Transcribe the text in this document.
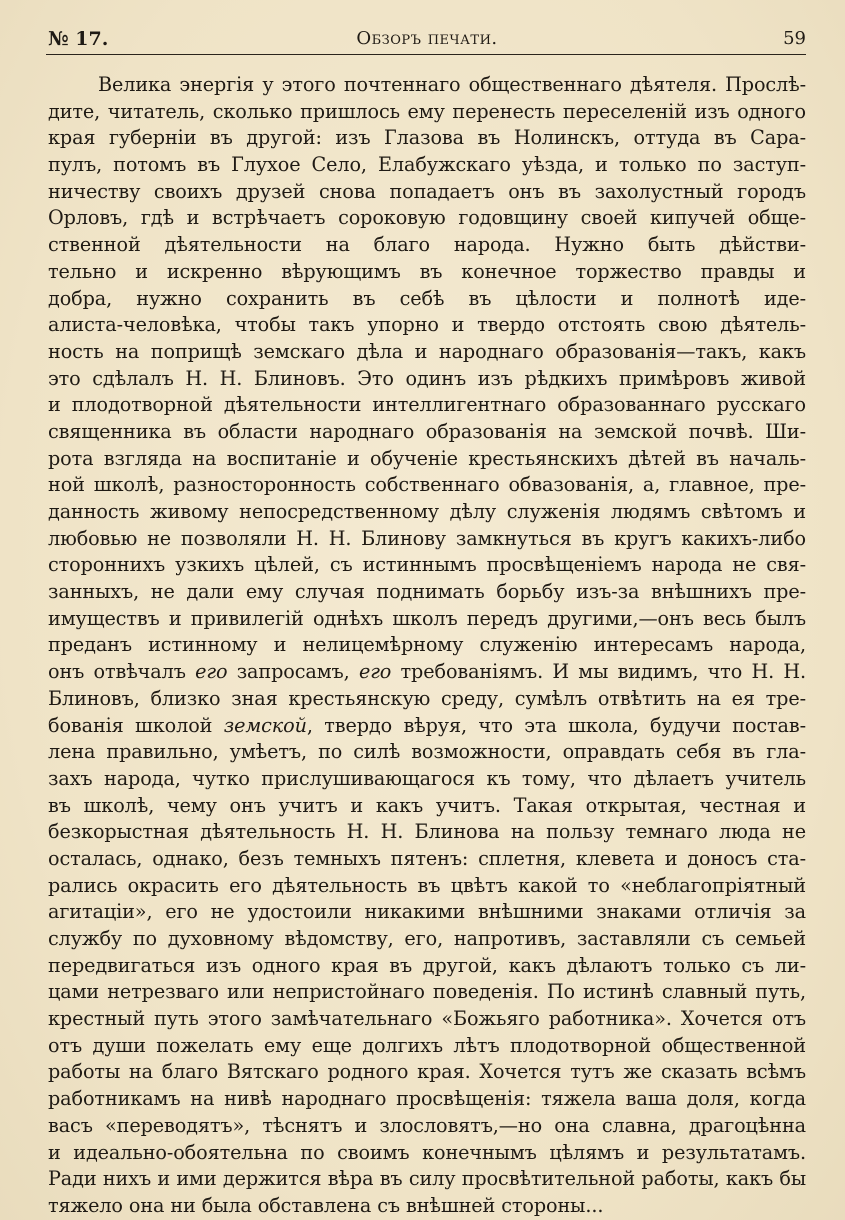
№ 17.	Обзоръ печати.	59
Велика энергія у этого почтеннаго общественнаго дѣятеля. Прослѣ-
дите, читатель, сколько пришлось ему перенесть переселеній изъ одного
края губерніи въ другой: изъ Глазова въ Нолинскъ, оттуда въ Сара-
пулъ, потомъ въ Глухое Село, Елабужскаго уѣзда, и только по заступ-
ничеству своихъ друзей снова попадаетъ онъ въ захолустный городъ
Орловъ, гдѣ и встрѣчаетъ сороковую годовщину своей кипучей обще-
ственной дѣятельности на благо народа. Нужно быть дѣйстви-
тельно и искренно вѣрующимъ въ конечное торжество правды и
добра, нужно сохранить въ себѣ въ цѣлости и полнотѣ иде-
алиста-человѣка, чтобы такъ упорно и твердо отстоять свою дѣятель-
ность на поприщѣ земскаго дѣла и народнаго образованія—такъ, какъ
это сдѣлалъ Н. Н. Блиновъ. Это одинъ изъ рѣдкихъ примѣровъ живой
и плодотворной дѣятельности интеллигентнаго образованнаго русскаго
священника въ области народнаго образованія на земской почвѣ. Ши-
рота взгляда на воспитаніе и обученіе крестьянскихъ дѣтей въ началь-
ной школѣ, разносторонность собственнаго обвазованія, а, главное, пре-
данность живому непосредственному дѣлу служенія людямъ свѣтомъ и
любовью не позволяли Н. Н. Блинову замкнуться въ кругъ какихъ-либо
стороннихъ узкихъ цѣлей, съ истиннымъ просвѣщеніемъ народа не свя-
занныхъ, не дали ему случая поднимать борьбу изъ-за внѣшнихъ пре-
имуществъ и привилегій однѣхъ школъ передъ другими,—онъ весь былъ
преданъ истинному и нелицемѣрному служенію интересамъ народа,
онъ отвѣчалъ его запросамъ, его требованіямъ. И мы видимъ, что Н. Н.
Блиновъ, близко зная крестьянскую среду, сумѣлъ отвѣтить на ея тре-
бованія школой земской, твердо вѣруя, что эта школа, будучи постав-
лена правильно, умѣетъ, по силѣ возможности, оправдать себя въ гла-
захъ народа, чутко прислушивающагося къ тому, что дѣлаетъ учитель
въ школѣ, чему онъ учитъ и какъ учитъ. Такая открытая, честная и
безкорыстная дѣятельность Н. Н. Блинова на пользу темнаго люда не
осталась, однако, безъ темныхъ пятенъ: сплетня, клевета и доносъ ста-
рались окрасить его дѣятельность въ цвѣтъ какой то «неблагопріятный
агитаціи», его не удостоили никакими внѣшними знаками отличія за
службу по духовному вѣдомству, его, напротивъ, заставляли съ семьей
передвигаться изъ одного края въ другой, какъ дѣлаютъ только съ ли-
цами нетрезваго или непристойнаго поведенія. По истинѣ славный путь,
крестный путь этого замѣчательнаго «Божьяго работника». Хочется отъ
отъ души пожелать ему еще долгихъ лѣтъ плодотворной общественной
работы на благо Вятскаго родного края. Хочется тутъ же сказать всѣмъ
работникамъ на нивѣ народнаго просвѣщенія: тяжела ваша доля, когда
васъ «переводятъ», тѣснятъ и злословятъ,—но она славна, драгоцѣнна
и идеально-обоятельна по своимъ конечнымъ цѣлямъ и результатамъ.
Ради нихъ и ими держится вѣра въ силу просвѣтительной работы, какъ бы
тяжело она ни была обставлена съ внѣшней стороны...
